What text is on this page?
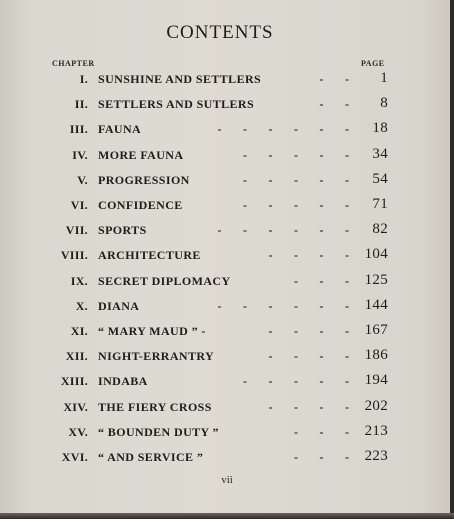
CONTENTS
CHAPTER	PAGE
I. SUNSHINE AND SETTLERS	- - 1
II. SETTLERS AND SUTLERS	- - 8
III. FAUNA	- - - - - - 18
IV. MORE FAUNA	- - - - - 34
V. PROGRESSION	- - - - - 54
VI. CONFIDENCE	- - - - - 71
VII. SPORTS	- - - - - - 82
VIII. ARCHITECTURE	- - - - 104
IX. SECRET DIPLOMACY	- - - 125
X. DIANA	- - - - - - 144
XI. “ MARY MAUD ” -	- - - - 167
XII. NIGHT-ERRANTRY	- - - - 186
XIII. INDABA	- - - - - 194
XIV. THE FIERY CROSS	- - - - 202
XV. “ BOUNDEN DUTY ”	- - - 213
XVI. “ AND SERVICE ”	- - - 223
vii
